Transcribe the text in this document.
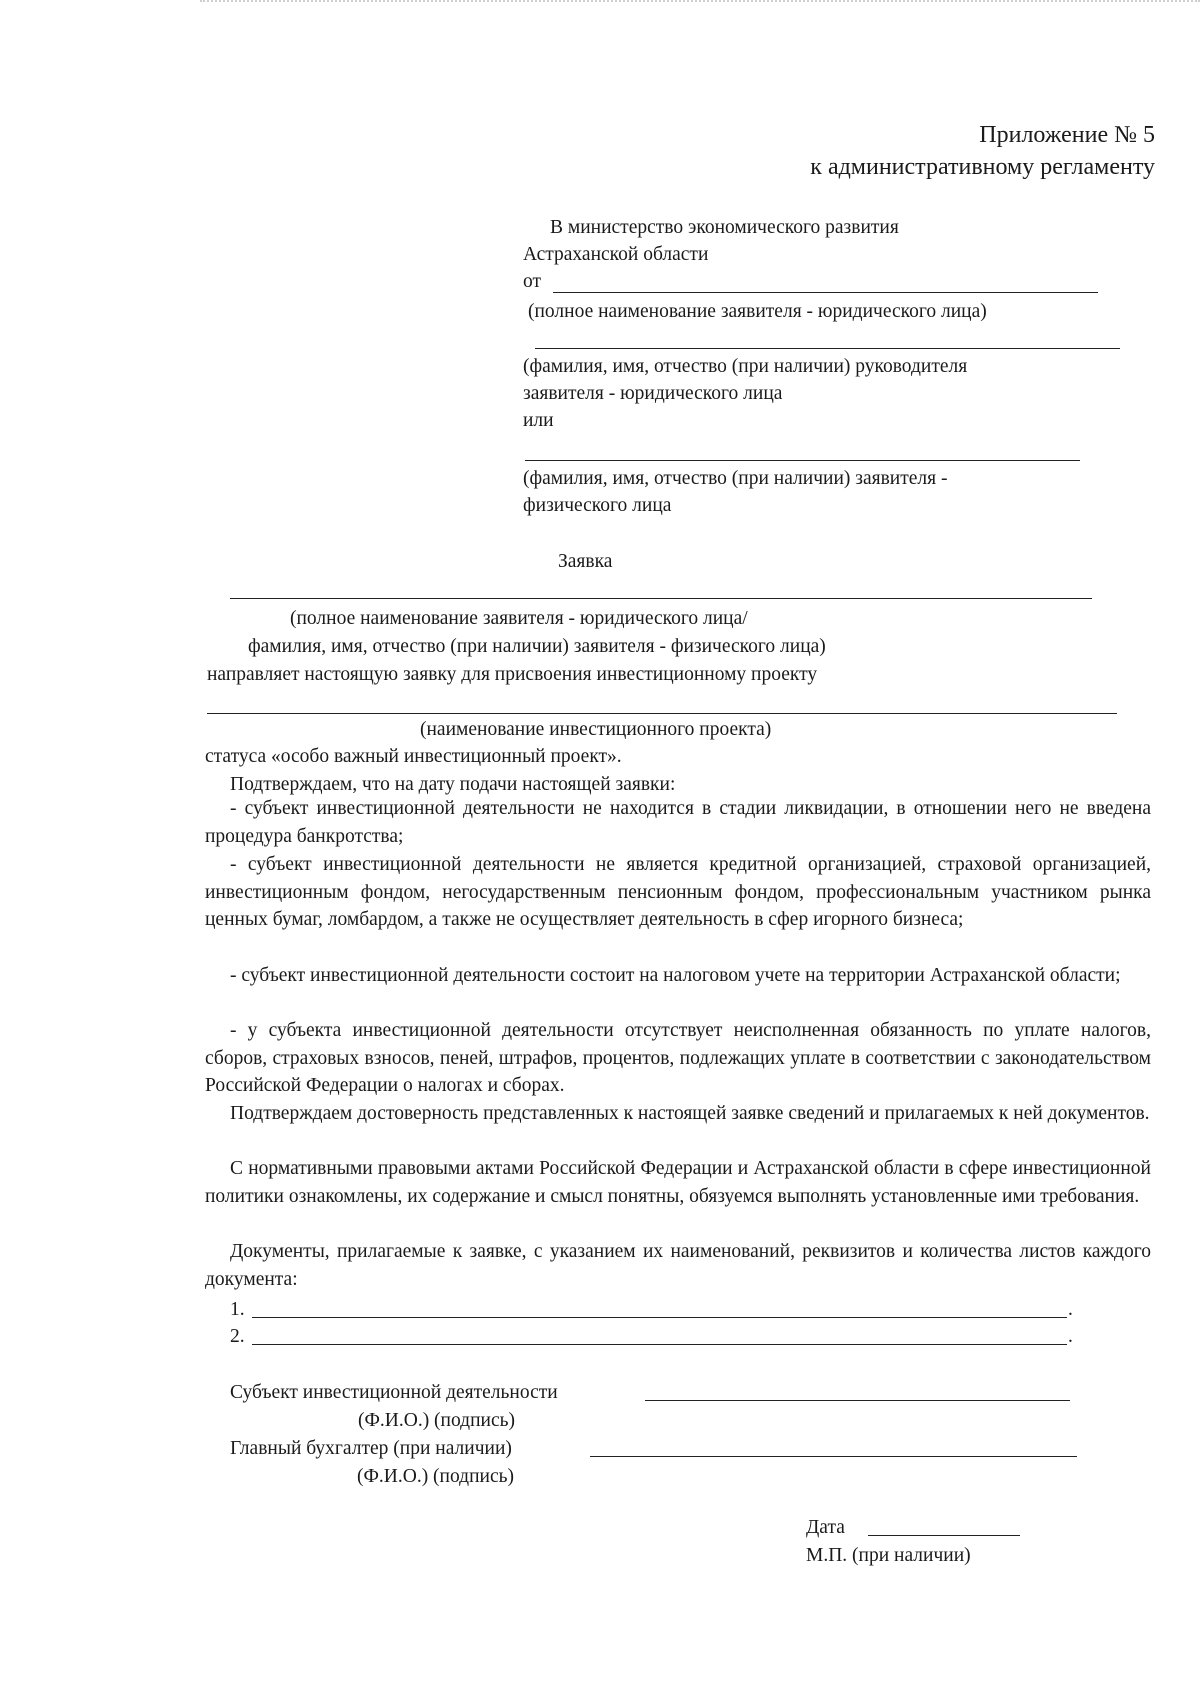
Приложение № 5
к административному регламенту
В министерство экономического развития
Астраханской области
от
(полное наименование заявителя - юридического лица)
(фамилия, имя, отчество (при наличии) руководителя
заявителя - юридического лица
или
(фамилия, имя, отчество (при наличии) заявителя -
физического лица
Заявка
(полное наименование заявителя - юридического лица/
фамилия, имя, отчество (при наличии) заявителя - физического лица)
направляет настоящую заявку для присвоения инвестиционному проекту
(наименование инвестиционного проекта)
статуса «особо важный инвестиционный проект».
Подтверждаем, что на дату подачи настоящей заявки:
- субъект инвестиционной деятельности не находится в стадии ликвидации, в отношении него не введена процедура банкротства;
- субъект инвестиционной деятельности не является кредитной организацией, страховой организацией, инвестиционным фондом, негосударственным пенсионным фондом, профессиональным участником рынка ценных бумаг, ломбардом, а также не осуществляет деятельность в сфер игорного бизнеса;
- субъект инвестиционной деятельности состоит на налоговом учете на территории Астраханской области;
- у субъекта инвестиционной деятельности отсутствует неисполненная обязанность по уплате налогов, сборов, страховых взносов, пеней, штрафов, процентов, подлежащих уплате в соответствии с законодательством Российской Федерации о налогах и сборах.
Подтверждаем достоверность представленных к настоящей заявке сведений и прилагаемых к ней документов.
С нормативными правовыми актами Российской Федерации и Астраханской области в сфере инвестиционной политики ознакомлены, их содержание и смысл понятны, обязуемся выполнять установленные ими требования.
Документы, прилагаемые к заявке, с указанием их наименований, реквизитов и количества листов каждого документа:
1.	.
2.	.
Субъект инвестиционной деятельности
(Ф.И.О.) (подпись)
Главный бухгалтер (при наличии)
(Ф.И.О.) (подпись)
Дата
М.П. (при наличии)
